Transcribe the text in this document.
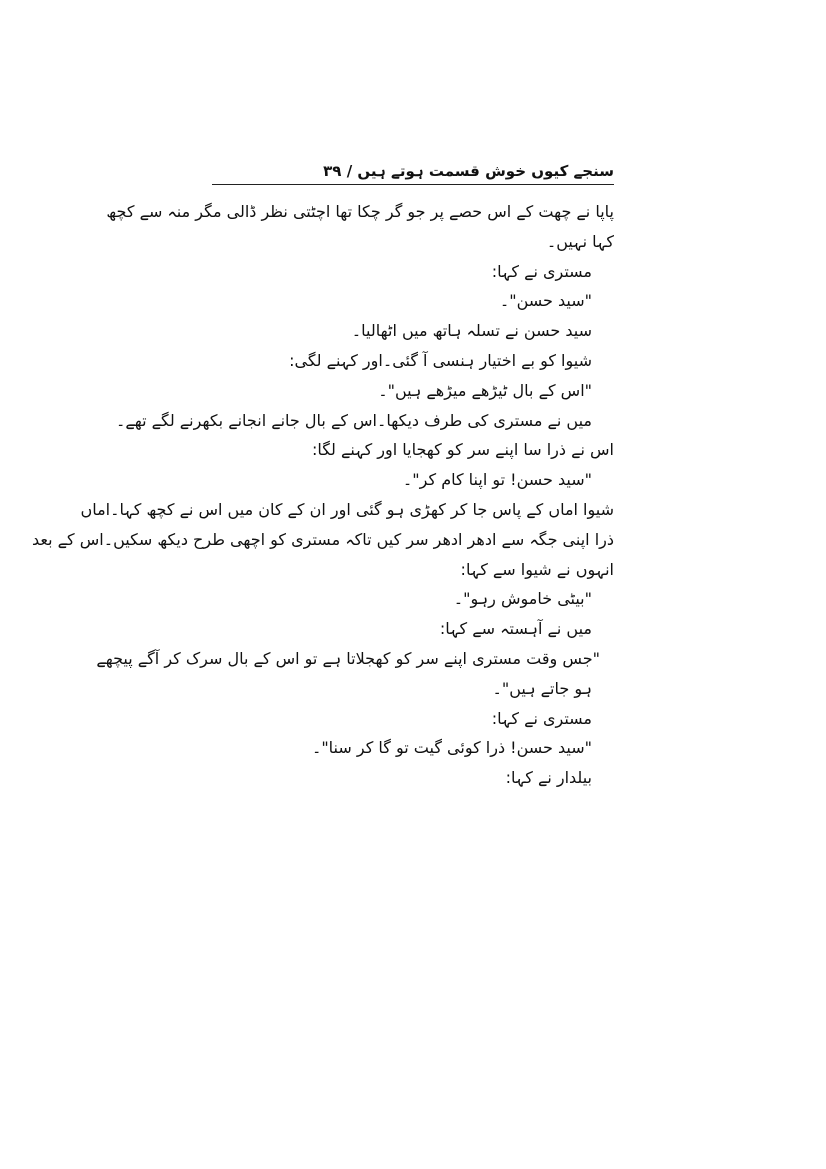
سنجے کیوں خوش قسمت ہوتے ہیں / ۳۹
پاپا نے چھت کے اس حصے پر جو گر چکا تھا اچٹتی نظر ڈالی مگر منہ سے کچھ
کہا نہیں۔
مستری نے کہا:
"سید حسن"۔
سید حسن نے تسلہ ہاتھ میں اٹھالیا۔
شیوا کو بے اختیار ہنسی آ گئی۔اور کہنے لگی:
"اس کے بال ٹیڑھے میڑھے ہیں"۔
میں نے مستری کی طرف دیکھا۔اس کے بال جانے انجانے بکھرنے لگے تھے۔
اس نے ذرا سا اپنے سر کو کھجایا اور کہنے لگا:
"سید حسن! تو اپنا کام کر"۔
شیوا اماں کے پاس جا کر کھڑی ہو گئی اور ان کے کان میں اس نے کچھ کہا۔اماں
ذرا اپنی جگہ سے ادھر ادھر سر کیں تاکہ مستری کو اچھی طرح دیکھ سکیں۔اس کے بعد
انہوں نے شیوا سے کہا:
"بیٹی خاموش رہو"۔
میں نے آہستہ سے کہا:
"جس وقت مستری اپنے سر کو کھجلاتا ہے تو اس کے بال سرک کر آگے پیچھے
ہو جاتے ہیں"۔
مستری نے کہا:
"سید حسن! ذرا کوئی گیت تو گا کر سنا"۔
بیلدار نے کہا:
